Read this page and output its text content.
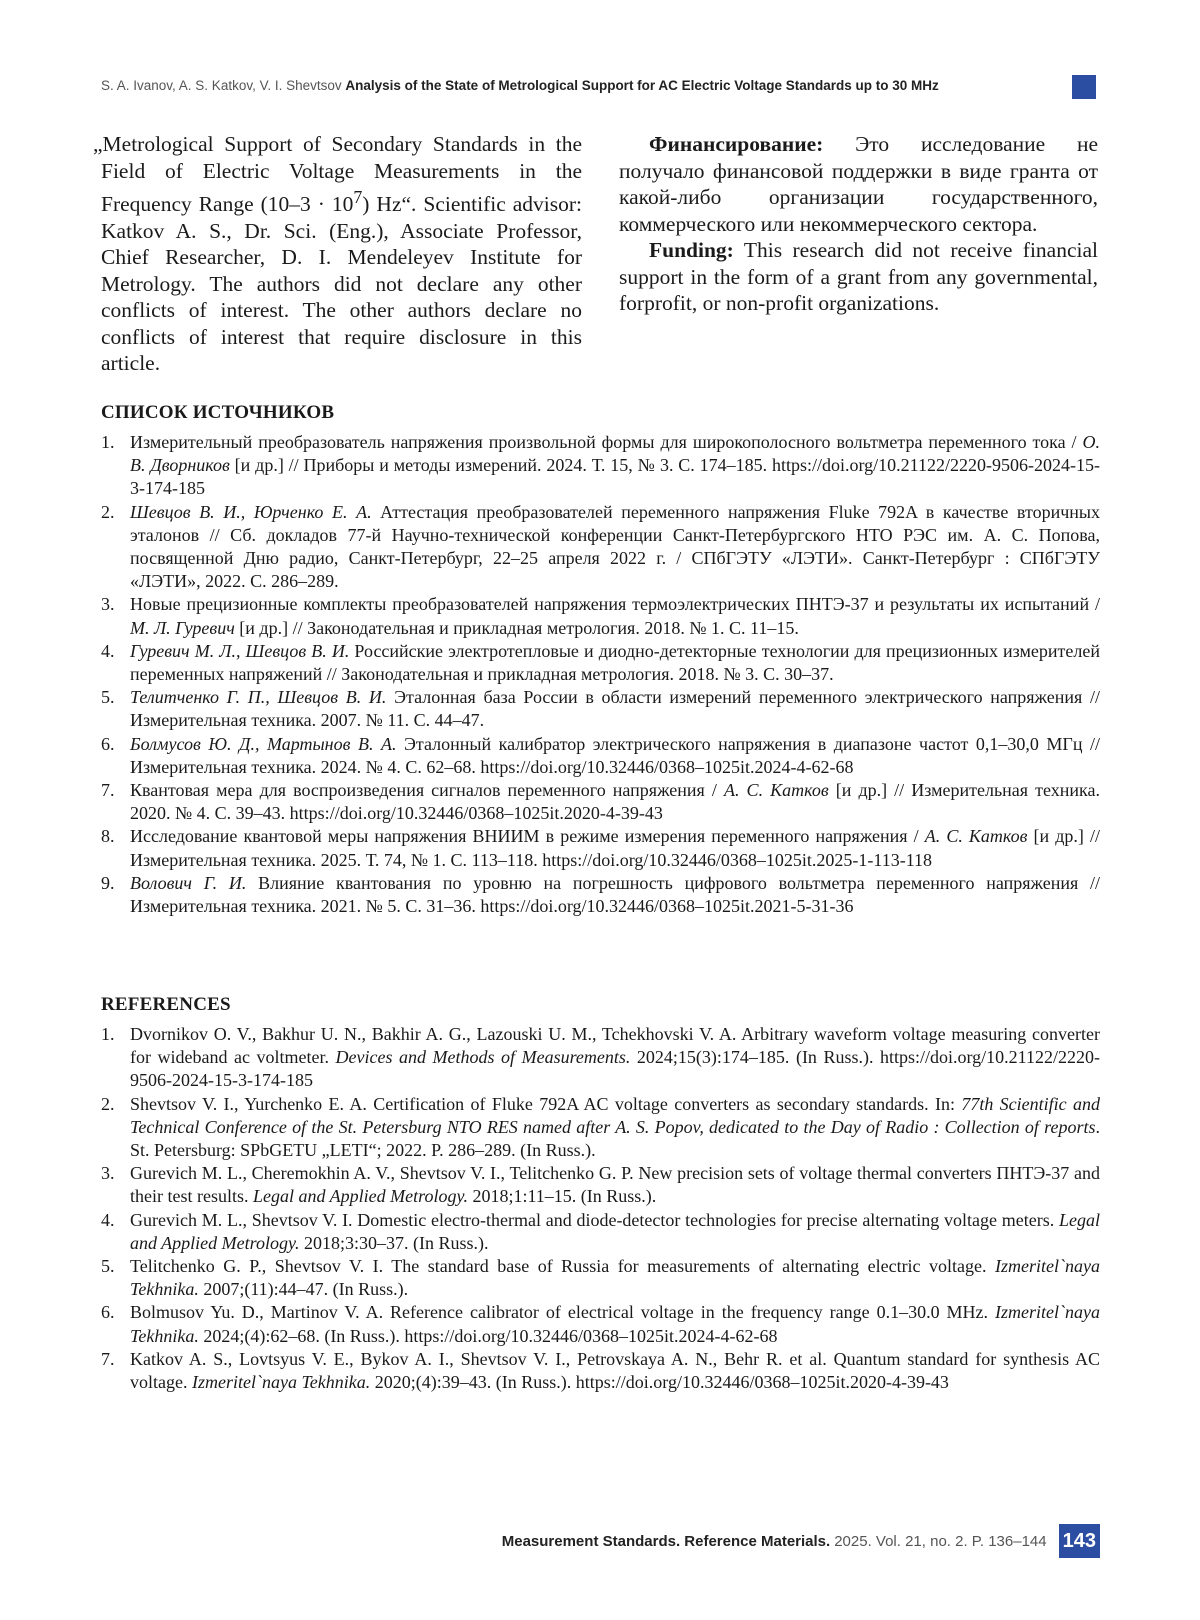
S. A. Ivanov, A. S. Katkov, V. I. Shevtsov Analysis of the State of Metrological Support for AC Electric Voltage Standards up to 30 MHz
„Metrological Support of Secondary Standards in the Field of Electric Voltage Measurements in the Frequency Range $(10-3 \cdot 10^7)$ Hz“. Scientific advisor: Katkov A. S., Dr. Sci. (Eng.), Associate Professor, Chief Researcher, D. I. Mendeleyev Institute for Metrology. The authors did not declare any other conflicts of interest. The other authors declare no conflicts of interest that require disclosure in this article.

Финансирование: Это исследование не получало финансовой поддержки в виде гранта от какой-либо организации государственного, коммерческого или некоммерческого сектора.

Funding: This research did not receive financial support in the form of a grant from any governmental, forprofit, or non-profit organizations.

СПИСОК ИСТОЧНИКОВ
1. Измерительный преобразователь напряжения произвольной формы для широкополосного вольтметра переменного тока / О. В. Дворников [и др.] // Приборы и методы измерений. 2024. Т. 15, № 3. С. 174–185. https://doi.org/10.21122/2220-9506-2024-15-3-174-185
2. Шевцов В. И., Юрченко Е. А. Аттестация преобразователей переменного напряжения Fluke 792A в качестве вторичных эталонов // Сб. докладов 77-й Научно-технической конференции Санкт-Петербургского НТО РЭС им. А. С. Попова, посвященной Дню радио, Санкт-Петербург, 22–25 апреля 2022 г. / СПбГЭТУ «ЛЭТИ». Санкт-Петербург : СПбГЭТУ «ЛЭТИ», 2022. С. 286–289.
3. Новые прецизионные комплекты преобразователей напряжения термоэлектрических ПНТЭ-37 и результаты их испытаний / М. Л. Гуревич [и др.] // Законодательная и прикладная метрология. 2018. № 1. С. 11–15.
4. Гуревич М. Л., Шевцов В. И. Российские электротепловые и диодно-детекторные технологии для прецизионных измерителей переменных напряжений // Законодательная и прикладная метрология. 2018. № 3. С. 30–37.
5. Телитченко Г. П., Шевцов В. И. Эталонная база России в области измерений переменного электрического напряжения // Измерительная техника. 2007. № 11. С. 44–47.
6. Болмусов Ю. Д., Мартынов В. А. Эталонный калибратор электрического напряжения в диапазоне частот 0,1–30,0 МГц // Измерительная техника. 2024. № 4. С. 62–68. https://doi.org/10.32446/0368–1025it.2024-4-62-68
7. Квантовая мера для воспроизведения сигналов переменного напряжения / А. С. Катков [и др.] // Измерительная техника. 2020. № 4. С. 39–43. https://doi.org/10.32446/0368–1025it.2020-4-39-43
8. Исследование квантовой меры напряжения ВНИИМ в режиме измерения переменного напряжения / А. С. Катков [и др.] // Измерительная техника. 2025. Т. 74, № 1. С. 113–118. https://doi.org/10.32446/0368–1025it.2025-1-113-118
9. Волович Г. И. Влияние квантования по уровню на погрешность цифрового вольтметра переменного напряжения // Измерительная техника. 2021. № 5. С. 31–36. https://doi.org/10.32446/0368–1025it.2021-5-31-36
REFERENCES
1. Dvornikov O. V., Bakhur U. N., Bakhir A. G., Lazouski U. M., Tchekhovski V. A. Arbitrary waveform voltage measuring converter for wideband ac voltmeter. Devices and Methods of Measurements. 2024;15(3):174–185. (In Russ.). https://doi.org/10.21122/2220-9506-2024-15-3-174-185
2. Shevtsov V. I., Yurchenko E. A. Certification of Fluke 792A AC voltage converters as secondary standards. In: 77th Scientific and Technical Conference of the St. Petersburg NTO RES named after A. S. Popov, dedicated to the Day of Radio : Collection of reports. St. Petersburg: SPbGETU „LETI“; 2022. P. 286–289. (In Russ.).
3. Gurevich M. L., Cheremokhin A. V., Shevtsov V. I., Telitchenko G. P. New precision sets of voltage thermal converters ПНТЭ-37 and their test results. Legal and Applied Metrology. 2018;1:11–15. (In Russ.).
4. Gurevich M. L., Shevtsov V. I. Domestic electro-thermal and diode-detector technologies for precise alternating voltage meters. Legal and Applied Metrology. 2018;3:30–37. (In Russ.).
5. Telitchenko G. P., Shevtsov V. I. The standard base of Russia for measurements of alternating electric voltage. Izmeritel`naya Tekhnika. 2007;(11):44–47. (In Russ.).
6. Bolmusov Yu. D., Martinov V. A. Reference calibrator of electrical voltage in the frequency range 0.1–30.0 MHz. Izmeritel`naya Tekhnika. 2024;(4):62–68. (In Russ.). https://doi.org/10.32446/0368–1025it.2024-4-62-68
7. Katkov A. S., Lovtsyus V. E., Bykov A. I., Shevtsov V. I., Petrovskaya A. N., Behr R. et al. Quantum standard for synthesis AC voltage. Izmeritel`naya Tekhnika. 2020;(4):39–43. (In Russ.). https://doi.org/10.32446/0368–1025it.2020-4-39-43
Measurement Standards. Reference Materials. 2025. Vol. 21, no. 2. P. 136–144 143
